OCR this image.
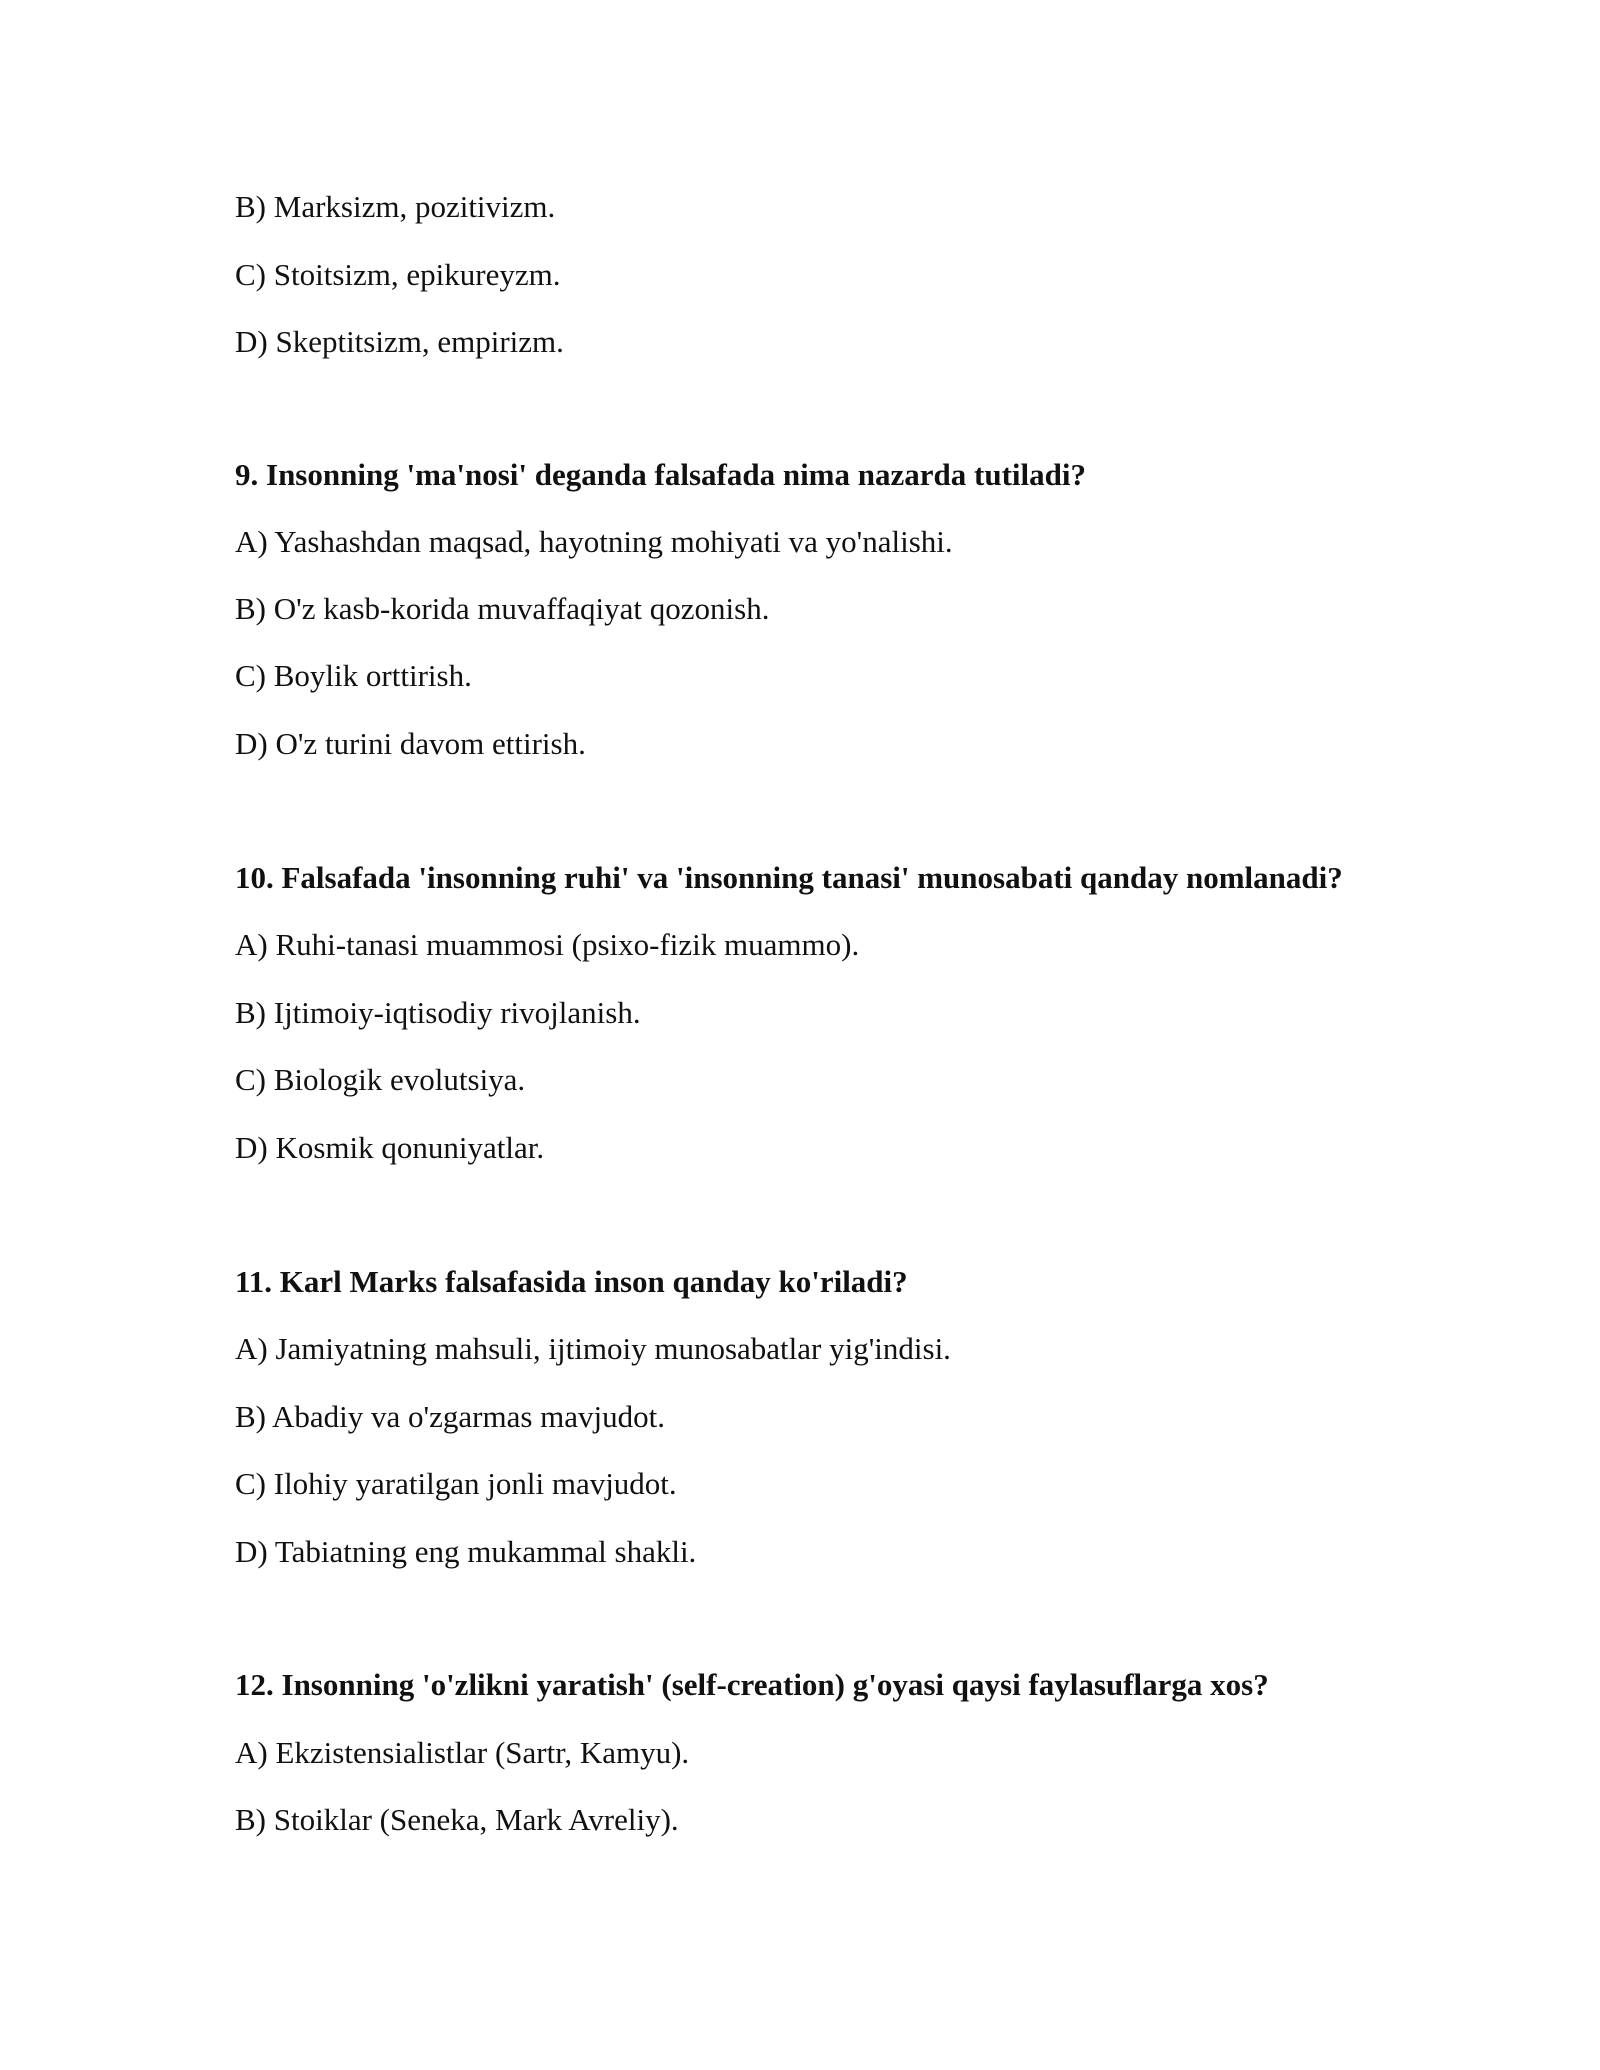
B) Marksizm, pozitivizm.
C) Stoitsizm, epikureyzm.
D) Skeptitsizm, empirizm.
9. Insonning 'ma'nosi' deganda falsafada nima nazarda tutiladi?
A) Yashashdan maqsad, hayotning mohiyati va yo'nalishi.
B) O'z kasb-korida muvaffaqiyat qozonish.
C) Boylik orttirish.
D) O'z turini davom ettirish.
10. Falsafada 'insonning ruhi' va 'insonning tanasi' munosabati qanday nomlanadi?
A) Ruhi-tanasi muammosi (psixo-fizik muammo).
B) Ijtimoiy-iqtisodiy rivojlanish.
C) Biologik evolutsiya.
D) Kosmik qonuniyatlar.
11. Karl Marks falsafasida inson qanday ko'riladi?
A) Jamiyatning mahsuli, ijtimoiy munosabatlar yig'indisi.
B) Abadiy va o'zgarmas mavjudot.
C) Ilohiy yaratilgan jonli mavjudot.
D) Tabiatning eng mukammal shakli.
12. Insonning 'o'zlikni yaratish' (self-creation) g'oyasi qaysi faylasuflarga xos?
A) Ekzistensialistlar (Sartr, Kamyu).
B) Stoiklar (Seneka, Mark Avreliy).
